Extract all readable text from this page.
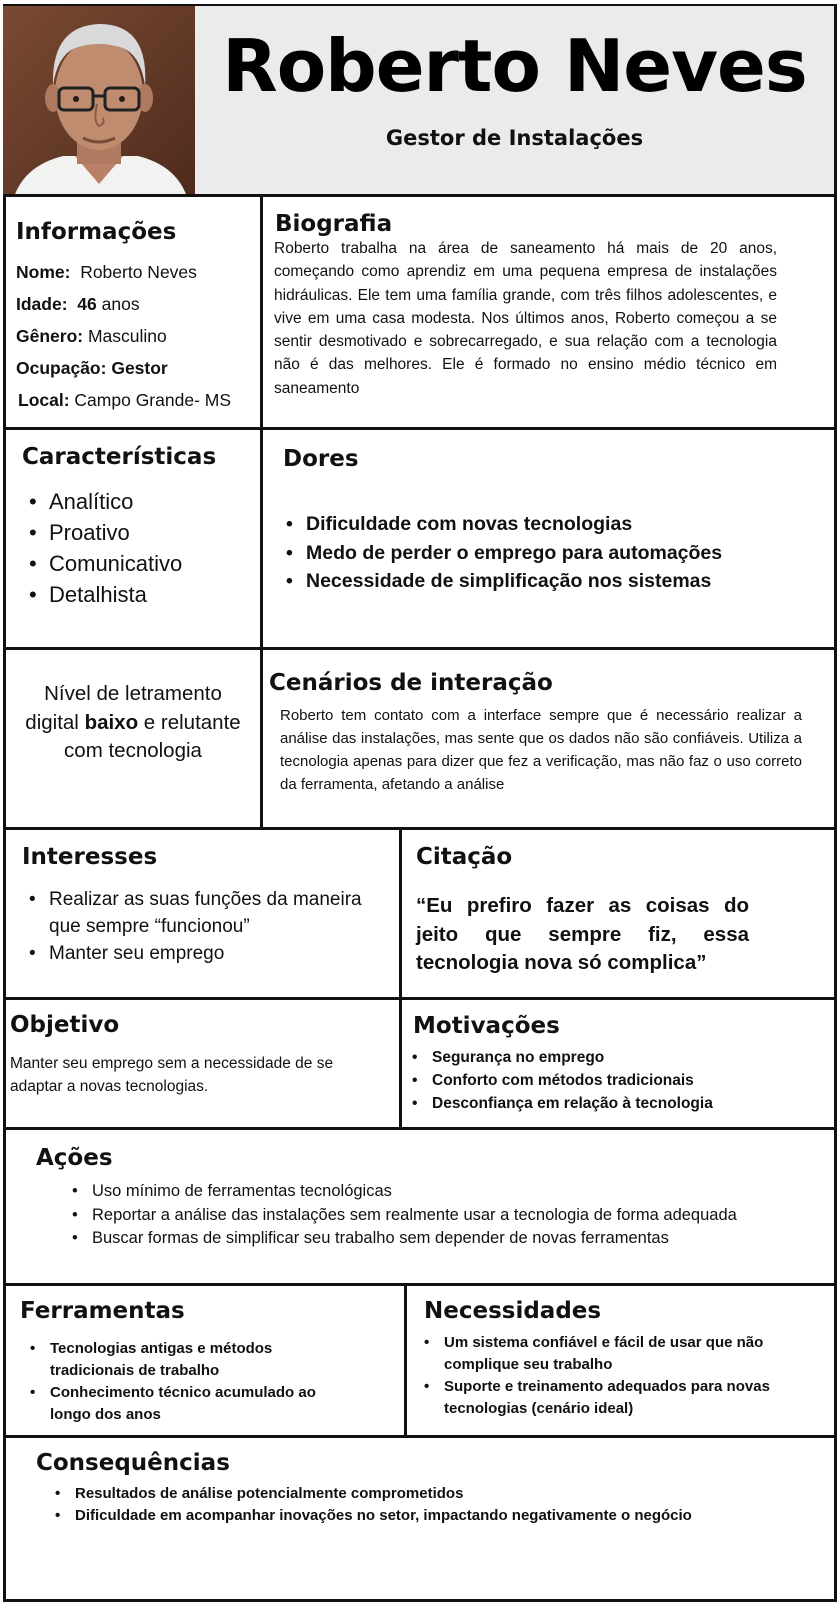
Roberto Neves
Gestor de Instalações
Informações
Nome: Roberto Neves
Idade: 46 anos
Gênero: Masculino
Ocupação: Gestor
Local: Campo Grande- MS
Biografia

Roberto trabalha na área de saneamento há mais de 20 anos, começando como aprendiz em uma pequena empresa de instalações hidráulicas. Ele tem uma família grande, com três filhos adolescentes, e vive em uma casa modesta. Nos últimos anos, Roberto começou a se sentir desmotivado e sobrecarregado, e sua relação com a tecnologia não é das melhores. Ele é formado no ensino médio técnico em saneamento

Características
• Analítico
• Proativo
• Comunicativo
• Detalhista
Dores
• Dificuldade com novas tecnologias
• Medo de perder o emprego para automações
• Necessidade de simplificação nos sistemas

Nível de letramento digital baixo e relutante com tecnologia

Cenários de interação

Roberto tem contato com a interface sempre que é necessário realizar a análise das instalações, mas sente que os dados não são confiáveis. Utiliza a tecnologia apenas para dizer que fez a verificação, mas não faz o uso correto da ferramenta, afetando a análise

Interesses
• Realizar as suas funções da maneira que sempre “funcionou”
• Manter seu emprego
Citação

“Eu prefiro fazer as coisas do jeito que sempre fiz, essa tecnologia nova só complica”

Objetivo

Manter seu emprego sem a necessidade de se adaptar a novas tecnologias.

Motivações
• Segurança no emprego
• Conforto com métodos tradicionais
• Desconfiança em relação à tecnologia
Ações
• Uso mínimo de ferramentas tecnológicas
• Reportar a análise das instalações sem realmente usar a tecnologia de forma adequada
• Buscar formas de simplificar seu trabalho sem depender de novas ferramentas
Ferramentas
• Tecnologias antigas e métodos tradicionais de trabalho
• Conhecimento técnico acumulado ao longo dos anos
Necessidades
• Um sistema confiável e fácil de usar que não complique seu trabalho
• Suporte e treinamento adequados para novas tecnologias (cenário ideal)
Consequências
• Resultados de análise potencialmente comprometidos
• Dificuldade em acompanhar inovações no setor, impactando negativamente o negócio
